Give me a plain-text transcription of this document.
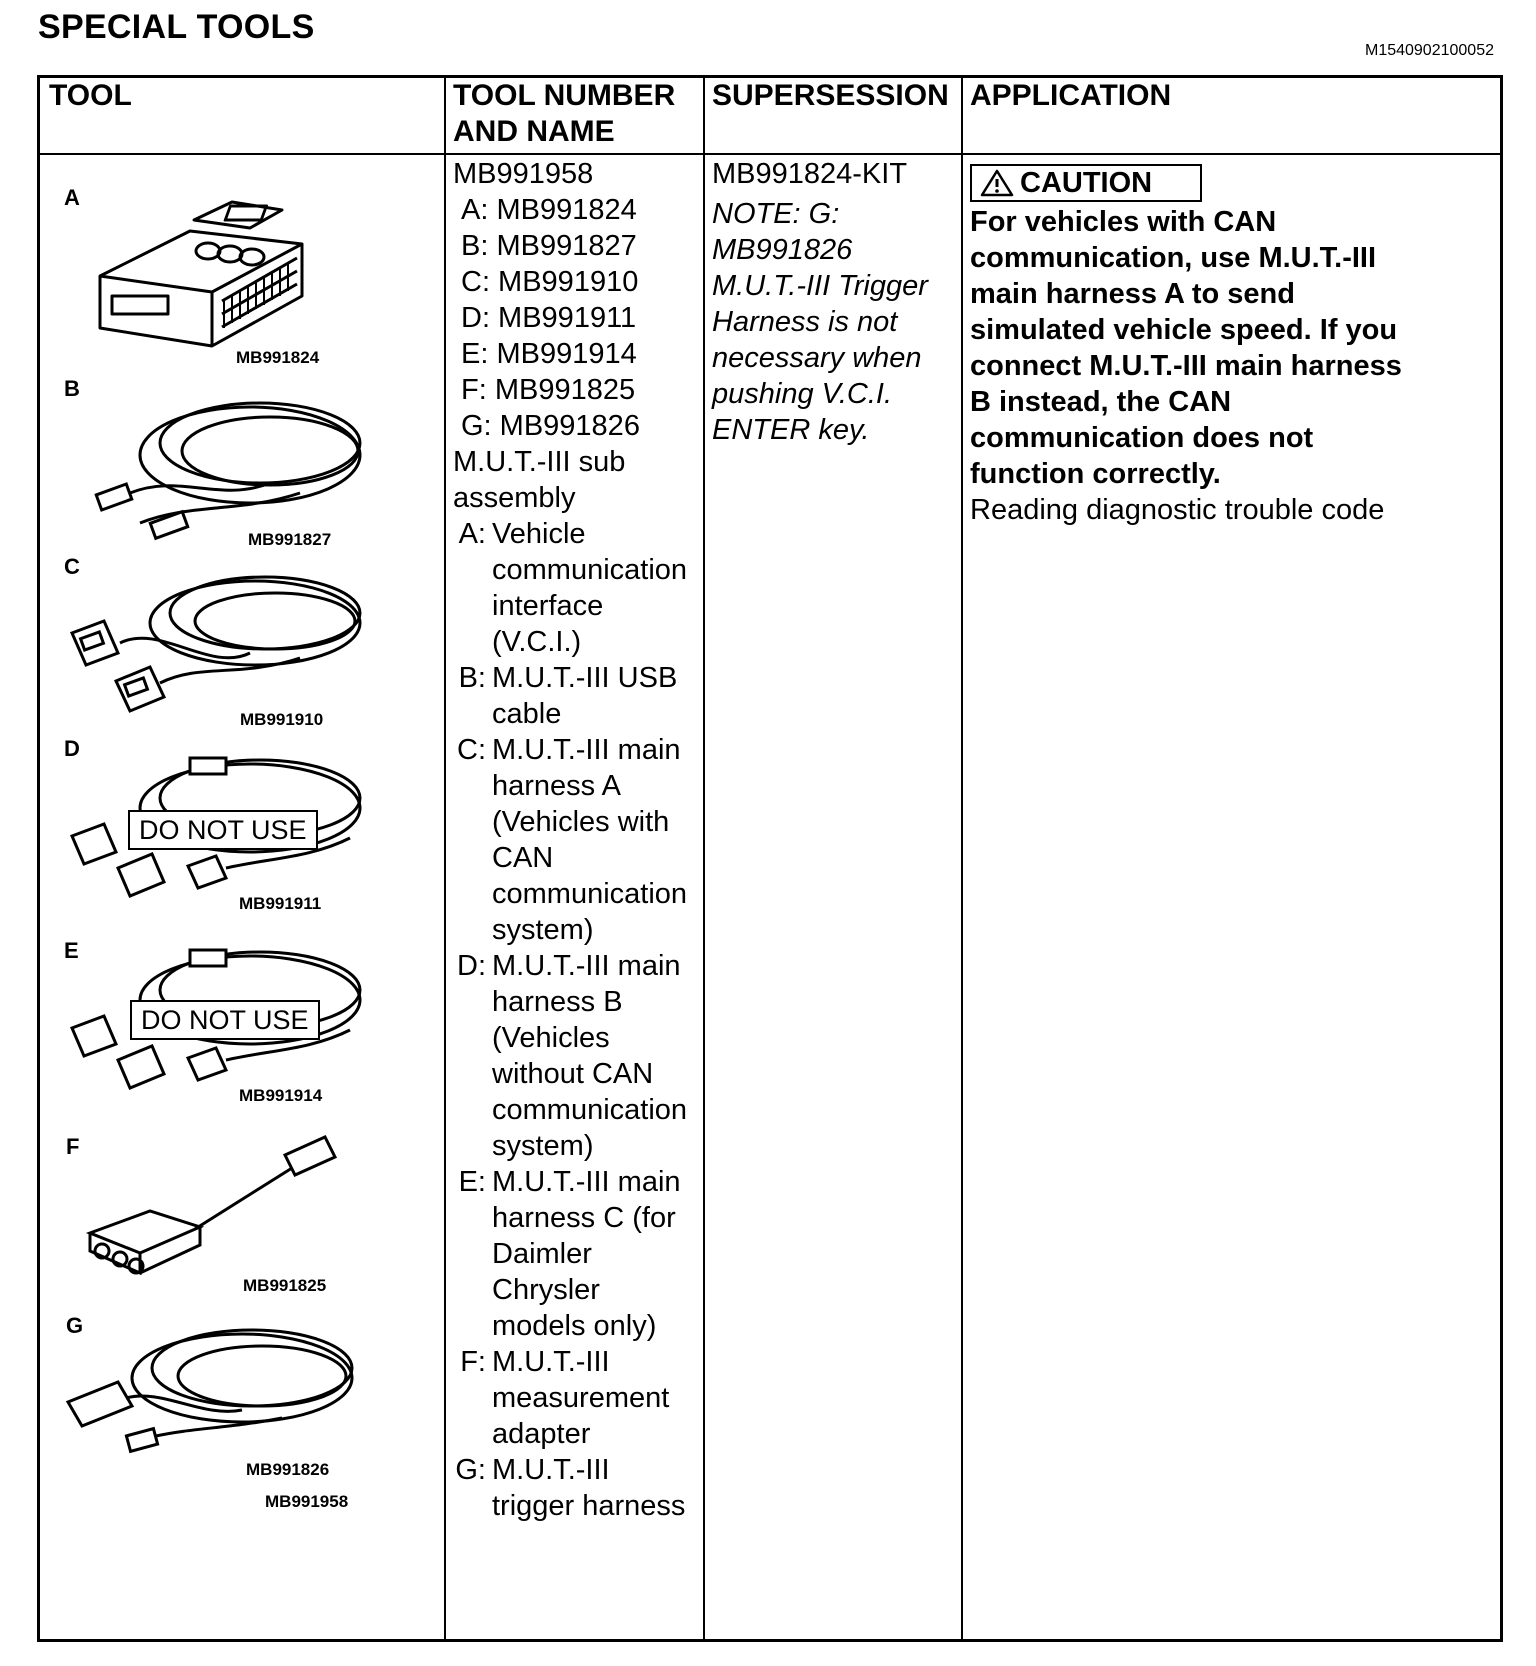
SPECIAL TOOLS
M1540902100052
TOOL	TOOL NUMBER AND NAME
SUPERSESSION APPLICATION
A
B
C
D
E
F
G
MB991824
MB991827
MB991910
DO NOT USE
MB991911
DO NOT USE
MB991914
MB991825
MB991826
MB991958
MB991958
A: MB991824
B: MB991827
C: MB991910
D: MB991911
E: MB991914
F: MB991825
G: MB991826
M.U.T.-III sub assembly
A: Vehicle communication interface (V.C.I.)
B: M.U.T.-III USB cable
C: M.U.T.-III main harness A (Vehicles with CAN communication system)
D: M.U.T.-III main harness B (Vehicles without CAN communication system)
E: M.U.T.-III main harness C (for Daimler Chrysler models only)
F: M.U.T.-III measurement adapter
G: M.U.T.-III trigger harness
MB991824-KIT
NOTE: G: MB991826 M.U.T.-III Trigger Harness is not necessary when pushing V.C.I. ENTER key.
CAUTION
For vehicles with CAN communication, use M.U.T.-III main harness A to send simulated vehicle speed. If you connect M.U.T.-III main harness B instead, the CAN communication does not function correctly.
Reading diagnostic trouble code
